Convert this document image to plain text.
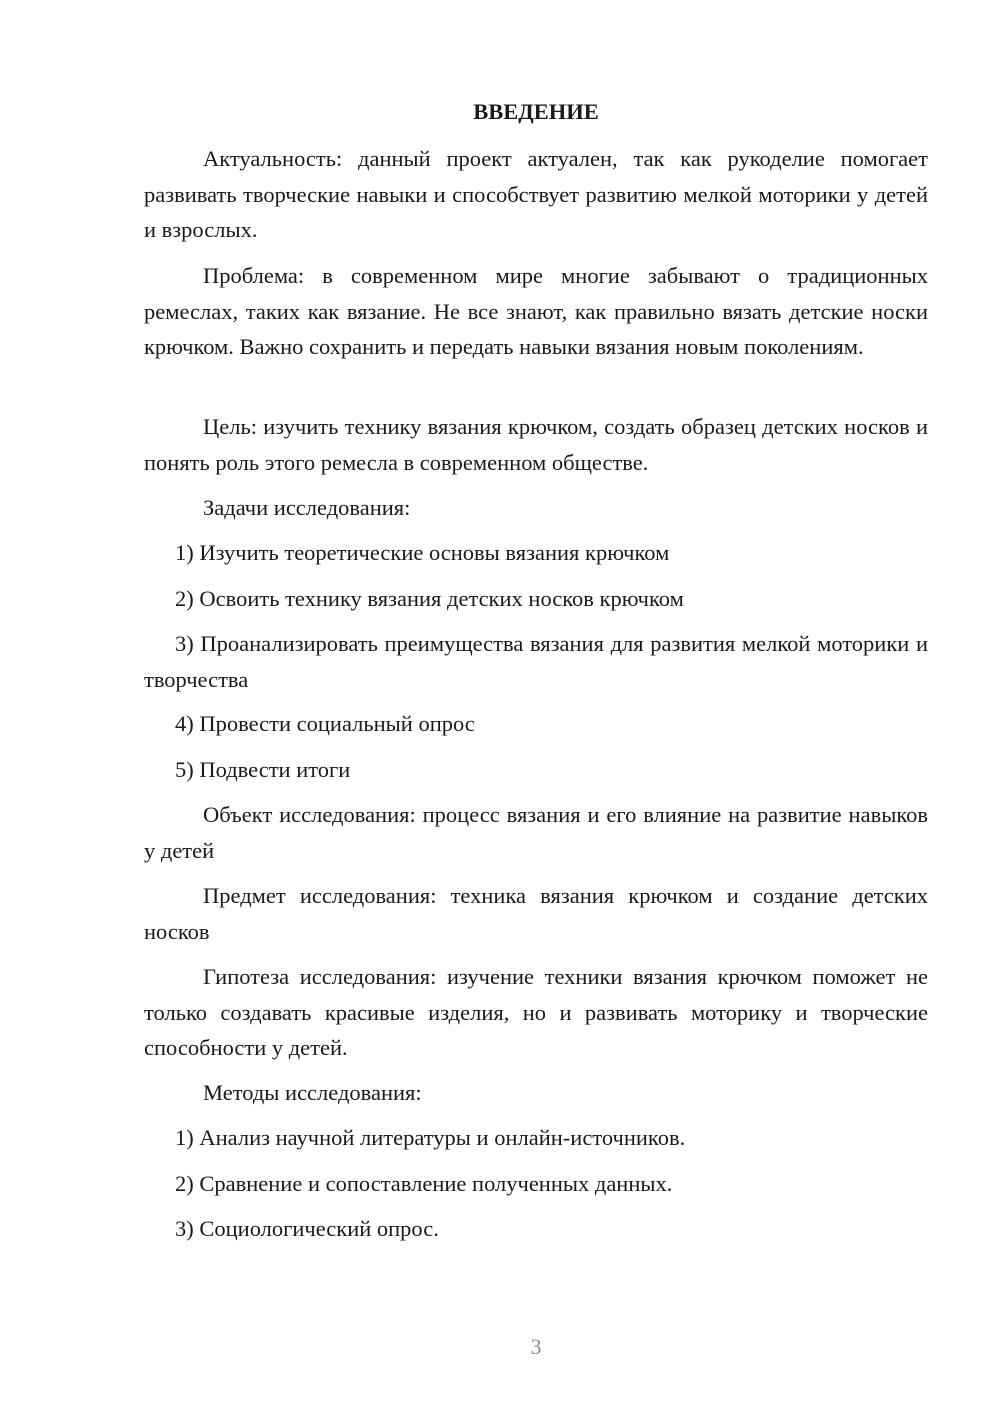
ВВЕДЕНИЕ

Актуальность: данный проект актуален, так как рукоделие помогает развивать творческие навыки и способствует развитию мелкой моторики у детей и взрослых.

Проблема: в современном мире многие забывают о традиционных ремеслах, таких как вязание. Не все знают, как правильно вязать детские носки крючком. Важно сохранить и передать навыки вязания новым поколениям.

Цель: изучить технику вязания крючком, создать образец детских носков и понять роль этого ремесла в современном обществе.

Задачи исследования:

1) Изучить теоретические основы вязания крючком

2) Освоить технику вязания детских носков крючком

3) Проанализировать преимущества вязания для развития мелкой моторики и творчества

4) Провести социальный опрос

5) Подвести итоги

Объект исследования: процесс вязания и его влияние на развитие навыков у детей

Предмет исследования: техника вязания крючком и создание детских носков

Гипотеза исследования: изучение техники вязания крючком поможет не только создавать красивые изделия, но и развивать моторику и творческие способности у детей.

Методы исследования:

1) Анализ научной литературы и онлайн-источников.

2) Сравнение и сопоставление полученных данных.

3) Социологический опрос.

3
